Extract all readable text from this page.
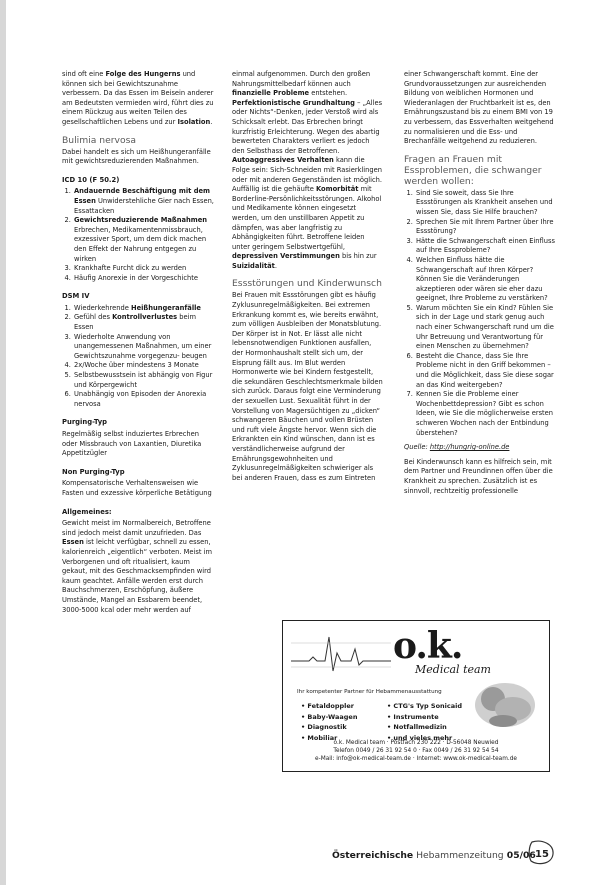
sind oft eine Folge des Hungerns und können sich bei Gewichtszunahme verbessern. Da das Essen im Beisein anderer am Bedeutsten vermieden wird, führt dies zu einem Rückzug aus weiten Teilen des gesellschaftlichen Lebens und zur Isolation.

Bulimia nervosa

Dabei handelt es sich um Heißhungeranfälle mit gewichtsreduzierenden Maßnahmen.

ICD 10 (F 50.2)
1. Andauernde Beschäftigung mit dem Essen Unwiderstehliche Gier nach Essen, Essattacken
2. Gewichtsreduzierende Maßnahmen Erbrechen, Medikamentenmissbrauch, exzessiver Sport, um dem dick machen den Effekt der Nahrung entgegen zu wirken
3. Krankhafte Furcht dick zu werden
4. Häufig Anorexie in der Vorgeschichte
DSM IV
1. Wiederkehrende Heißhungeranfälle
2. Gefühl des Kontrollverlustes beim Essen
3. Wiederholte Anwendung von unangemessenen Maßnahmen, um einer Gewichtszunahme vorgegenzu- beugen
4. 2x/Woche über mindestens 3 Monate
5. Selbstbewusstsein ist abhängig von Figur und Körpergewicht
6. Unabhängig von Episoden der Anorexia nervosa
Purging-Typ

Regelmäßig selbst induziertes Erbrechen oder Missbrauch von Laxantien, Diuretika Appetitzügler

Non Purging-Typ

Kompensatorische Verhaltensweisen wie Fasten und exzessive körperliche Betätigung

Allgemeines:

Gewicht meist im Normalbereich, Betroffene sind jedoch meist damit unzufrieden. Das Essen ist leicht verfügbar, schnell zu essen, kalorienreich „eigentlich“ verboten. Meist im Verborgenen und oft ritualisiert, kaum gekaut, mit des Geschmacksempfinden wird kaum geachtet. Anfälle werden erst durch Bauchschmerzen, Erschöpfung, äußere Umstände, Mangel an Essbarem beendet, 3000-5000 kcal oder mehr werden auf

einmal aufgenommen. Durch den großen Nahrungsmittelbedarf können auch finanzielle Probleme entstehen. Perfektionistische Grundhaltung – „Alles oder Nichts“-Denken, jeder Verstoß wird als Schicksalt erlebt. Das Erbrechen bringt kurzfristig Erleichterung. Wegen des abartig bewerteten Charakters verliert es jedoch den Selbsthass der Betroffenen. Autoaggressives Verhalten kann die Folge sein: Sich-Schneiden mit Rasierklingen oder mit anderen Gegenständen ist möglich. Auffällig ist die gehäufte Komorbität mit Borderline-Persönlichkeitsstörungen. Alkohol und Medikamente können eingesetzt werden, um den unstillbaren Appetit zu dämpfen, was aber langfristig zu Abhängigkeiten führt. Betroffene leiden unter geringem Selbstwertgefühl, depressiven Verstimmungen bis hin zur Suizidalität.

Essstörungen und Kinderwunsch

Bei Frauen mit Essstörungen gibt es häufig Zyklusunregelmäßigkeiten. Bei extremen Erkrankung kommt es, wie bereits erwähnt, zum völligen Ausbleiben der Monatsblutung. Der Körper ist in Not. Er lässt alle nicht lebensnotwendigen Funktionen ausfallen, der Hormonhaushalt stellt sich um, der Eisprung fällt aus. Im Blut werden Hormonwerte wie bei Kindern festgestellt, die sekundären Geschlechtsmerkmale bilden sich zurück. Daraus folgt eine Verminderung der sexuellen Lust. Sexualität führt in der Vorstellung von Magersüchtigen zu „dicken“ schwangeren Bäuchen und vollen Brüsten und ruft viele Ängste hervor. Wenn sich die Erkrankten ein Kind wünschen, dann ist es verständlicherweise aufgrund der Ernährungsgewohnheiten und Zyklusunregelmäßigkeiten schwieriger als bei anderen Frauen, dass es zum Eintreten

einer Schwangerschaft kommt. Eine der Grundvoraussetzungen zur ausreichenden Bildung von weiblichen Hormonen und Wiederanlagen der Fruchtbarkeit ist es, den Ernährungszustand bis zu einem BMI von 19 zu verbessern, das Essverhalten weitgehend zu normalisieren und die Ess- und Brechanfälle weitgehend zu reduzieren.

Fragen an Frauen mit Essproblemen, die schwanger werden wollen:
1. Sind Sie soweit, dass Sie Ihre Essstörungen als Krankheit ansehen und wissen Sie, dass Sie Hilfe brauchen?
2. Sprechen Sie mit Ihrem Partner über Ihre Essstörung?
3. Hätte die Schwangerschaft einen Einfluss auf Ihre Essprobleme?
4. Welchen Einfluss hätte die Schwangerschaft auf Ihren Körper? Können Sie die Veränderungen akzeptieren oder wären sie eher dazu geeignet, Ihre Probleme zu verstärken?
5. Warum möchten Sie ein Kind? Fühlen Sie sich in der Lage und stark genug auch nach einer Schwangerschaft rund um die Uhr Betreuung und Verantwortung für einen Menschen zu übernehmen?
6. Besteht die Chance, dass Sie Ihre Probleme nicht in den Griff bekommen – und die Möglichkeit, dass Sie diese sogar an das Kind weitergeben?
7. Kennen Sie die Probleme einer Wochenbettdepression? Gibt es schon Ideen, wie Sie die möglicherweise ersten schweren Wochen nach der Entbindung überstehen?

Quelle: http://hungrig-online.de

Bei Kinderwunsch kann es hilfreich sein, mit dem Partner und Freundinnen offen über die Krankheit zu sprechen. Zusätzlich ist es sinnvoll, rechtzeitig professionelle

o.k.
Medical team
Ihr kompetenter Partner für Hebammenausstattung
• Fetaldoppler
• Baby-Waagen
• Diagnostik
• Mobiliar
• CTG's Typ Sonicaid
• Instrumente
• Notfallmedizin
• und vieles mehr
o.k. Medical team · Postfach 230 222 · D-56048 Neuwied
Telefon 0049 / 26 31 92 54 0 · Fax 0049 / 26 31 92 54 54
e-Mail: info@ok-medical-team.de · Internet: www.ok-medical-team.de
Österreichische Hebammenzeitung 05/06 15
